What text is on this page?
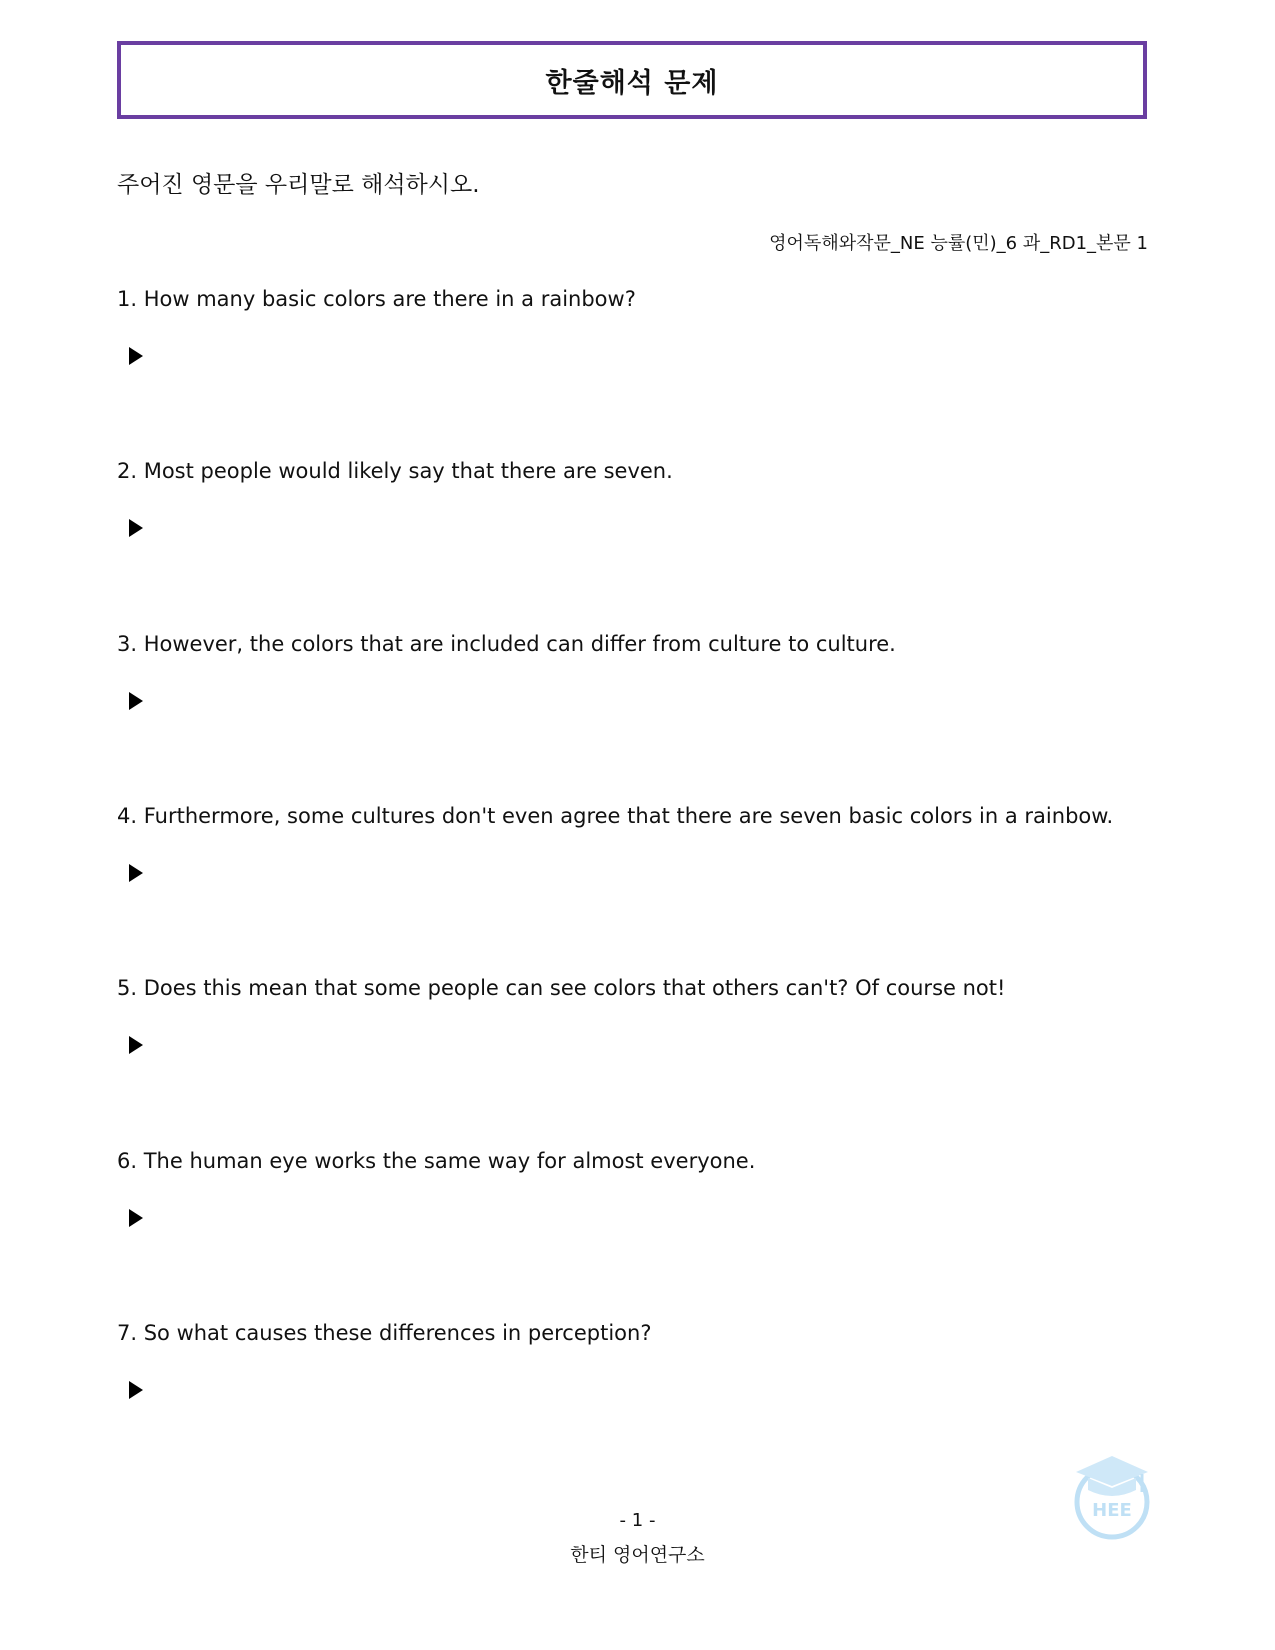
한줄해석 문제
주어진 영문을 우리말로 해석하시오.
영어독해와작문_NE 능률(민)_6 과_RD1_본문 1
1. How many basic colors are there in a rainbow?
2. Most people would likely say that there are seven.
3. However, the colors that are included can differ from culture to culture.
4. Furthermore, some cultures don't even agree that there are seven basic colors in a rainbow.
5. Does this mean that some people can see colors that others can't? Of course not!
6. The human eye works the same way for almost everyone.
7. So what causes these differences in perception?
- 1 -
한티 영어연구소
HEE
